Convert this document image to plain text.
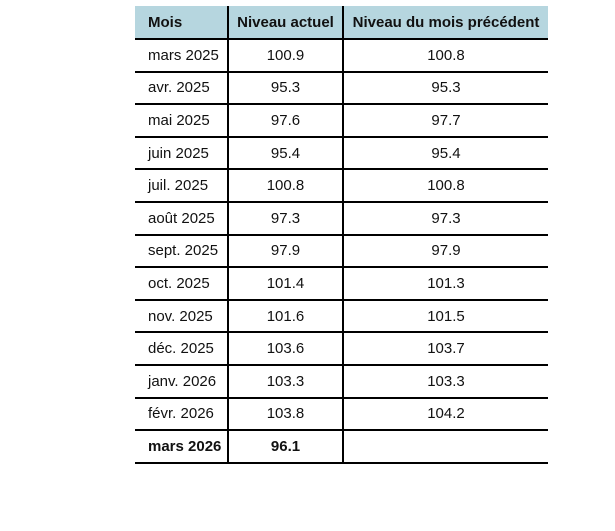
Mois	Niveau actuel	Niveau du mois précédent
mars 2025	100.9	100.8
avr. 2025	95.3	95.3
mai 2025	97.6	97.7
juin 2025	95.4	95.4
juil. 2025	100.8	100.8
août 2025	97.3	97.3
sept. 2025	97.9	97.9
oct. 2025	101.4	101.3
nov. 2025	101.6	101.5
déc. 2025	103.6	103.7
janv. 2026	103.3	103.3
févr. 2026	103.8	104.2
mars 2026	96.1	
